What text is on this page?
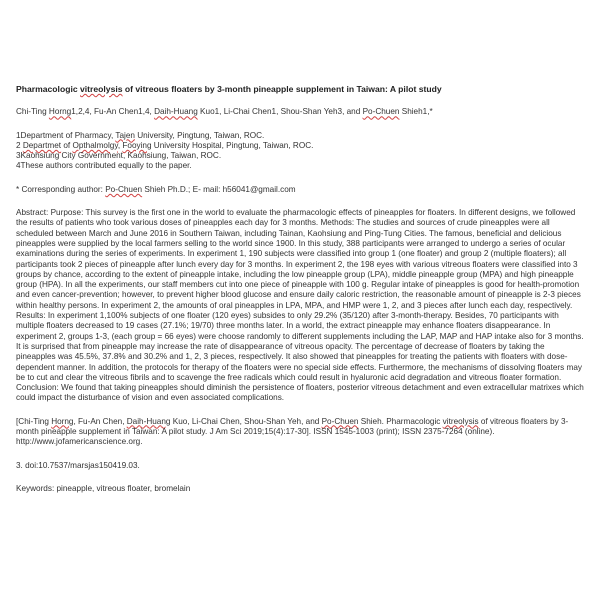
Pharmacologic vitreolysis of vitreous floaters by 3-month pineapple supplement in Taiwan: A pilot study
Chi-Ting Horng1,2,4, Fu-An Chen1,4, Daih-Huang Kuo1, Li-Chai Chen1, Shou-Shan Yeh3, and Po-Chuen Shieh1,*
1Department of Pharmacy, Tajen University, Pingtung, Taiwan, ROC.
2 Departmet of Opthalmolgy, Fooying University Hospital, Pingtung, Taiwan, ROC.
3Kaohsiung City Government, Kaohsiung, Taiwan, ROC.
4These authors contributed equally to the paper.
* Corresponding author: Po-Chuen Shieh Ph.D.; E- mail: h56041@gmail.com
Abstract: Purpose: This survey is the first one in the world to evaluate the pharmacologic effects of pineapples for floaters. In different designs, we followed the results of patients who took various doses of pineapples each day for 3 months. Methods: The studies and sources of crude pineapples were all scheduled between March and June 2016 in Southern Taiwan, including Tainan, Kaohsiung and Ping-Tung Cities. The famous, beneficial and delicious pineapples were supplied by the local farmers selling to the world since 1900. In this study, 388 participants were arranged to undergo a series of ocular examinations during the series of experiments. In experiment 1, 190 subjects were classified into group 1 (one floater) and group 2 (multiple floaters); all participants took 2 pieces of pineapple after lunch every day for 3 months. In experiment 2, the 198 eyes with various vitreous floaters were classified into 3 groups by chance, according to the extent of pineapple intake, including the low pineapple group (LPA), middle pineapple group (MPA) and high pineapple group (HPA). In all the experiments, our staff members cut into one piece of pineapple with 100 g. Regular intake of pineapples is good for health-promotion and even cancer-prevention; however, to prevent higher blood glucose and ensure daily caloric restriction, the reasonable amount of pineapple is 2-3 pieces within healthy persons. In experiment 2, the amounts of oral pineapples in LPA, MPA, and HMP were 1, 2, and 3 pieces after lunch each day, respectively. Results: In experiment 1,100% subjects of one floater (120 eyes) subsides to only 29.2% (35/120) after 3-month-therapy. Besides, 70 participants with multiple floaters decreased to 19 cases (27.1%; 19/70) three months later. In a world, the extract pineapple may enhance floaters disappearance. In experiment 2, groups 1-3, (each group = 66 eyes) were choose randomly to different supplements including the LAP, MAP and HAP intake also for 3 months. It is surprised that from pineapple may increase the rate of disappearance of vitreous opacity. The percentage of decrease of floaters by taking the pineapples was 45.5%, 37.8% and 30.2% and 1, 2, 3 pieces, respectively. It also showed that pineapples for treating the patients with floaters with dose-dependent manner. In addition, the protocols for therapy of the floaters were no special side effects. Furthermore, the mechanisms of dissolving floaters may be to cut and clear the vitreous fibrils and to scavenge the free radicals which could result in hyaluronic acid degradation and vitreous floater formation. Conclusion: We found that taking pineapples should diminish the persistence of floaters, posterior vitreous detachment and even extracellular matrixes which could impact the disturbance of vision and even associated complications.
[Chi-Ting Horng, Fu-An Chen, Daih-Huang Kuo, Li-Chai Chen, Shou-Shan Yeh, and Po-Chuen Shieh. Pharmacologic vitreolysis of vitreous floaters by 3-month pineapple supplement in Taiwan: A pilot study. J Am Sci 2019;15(4):17-30]. ISSN 1545-1003 (print); ISSN 2375-7264 (online). http://www.jofamericanscience.org.
3. doi:10.7537/marsjas150419.03.
Keywords: pineapple, vitreous floater, bromelain
